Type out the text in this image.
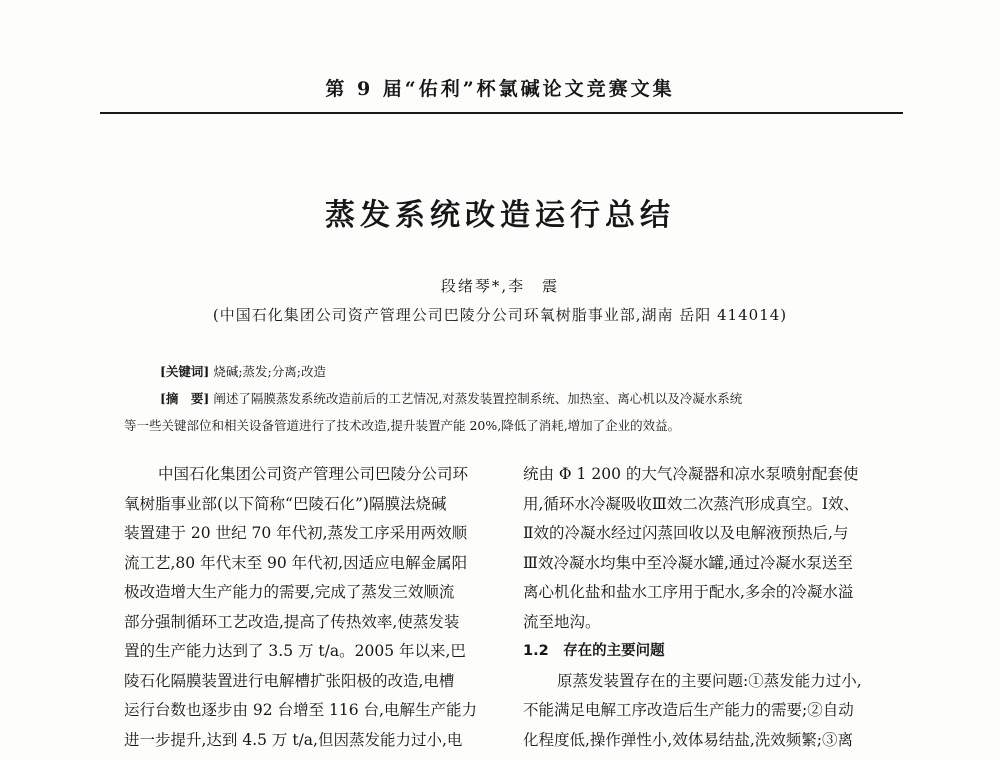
第 9 届“佑利”杯氯碱论文竞赛文集
蒸发系统改造运行总结
段绪琴*,李　震
(中国石化集团公司资产管理公司巴陵分公司环氧树脂事业部,湖南 岳阳 414014)
[关键词] 烧碱;蒸发;分离;改造
[摘　要] 阐述了隔膜蒸发系统改造前后的工艺情况,对蒸发装置控制系统、加热室、离心机以及冷凝水系统
等一些关键部位和相关设备管道进行了技术改造,提升装置产能 20%,降低了消耗,增加了企业的效益。
中国石化集团公司资产管理公司巴陵分公司环
氧树脂事业部(以下简称“巴陵石化”)隔膜法烧碱
装置建于 20 世纪 70 年代初,蒸发工序采用两效顺
流工艺,80 年代末至 90 年代初,因适应电解金属阳
极改造增大生产能力的需要,完成了蒸发三效顺流
部分强制循环工艺改造,提高了传热效率,使蒸发装
置的生产能力达到了 3.5 万 t/a。2005 年以来,巴
陵石化隔膜装置进行电解槽扩张阳极的改造,电槽
运行台数也逐步由 92 台增至 116 台,电解生产能力
进一步提升,达到 4.5 万 t/a,但因蒸发能力过小,电
统由 Φ 1 200 的大气冷凝器和凉水泵喷射配套使
用,循环水冷凝吸收Ⅲ效二次蒸汽形成真空。Ⅰ效、
Ⅱ效的冷凝水经过闪蒸回收以及电解液预热后,与
Ⅲ效冷凝水均集中至冷凝水罐,通过冷凝水泵送至
离心机化盐和盐水工序用于配水,多余的冷凝水溢
流至地沟。
1.2　存在的主要问题
原蒸发装置存在的主要问题:①蒸发能力过小,
不能满足电解工序改造后生产能力的需要;②自动
化程度低,操作弹性小,效体易结盐,洗效频繁;③离
